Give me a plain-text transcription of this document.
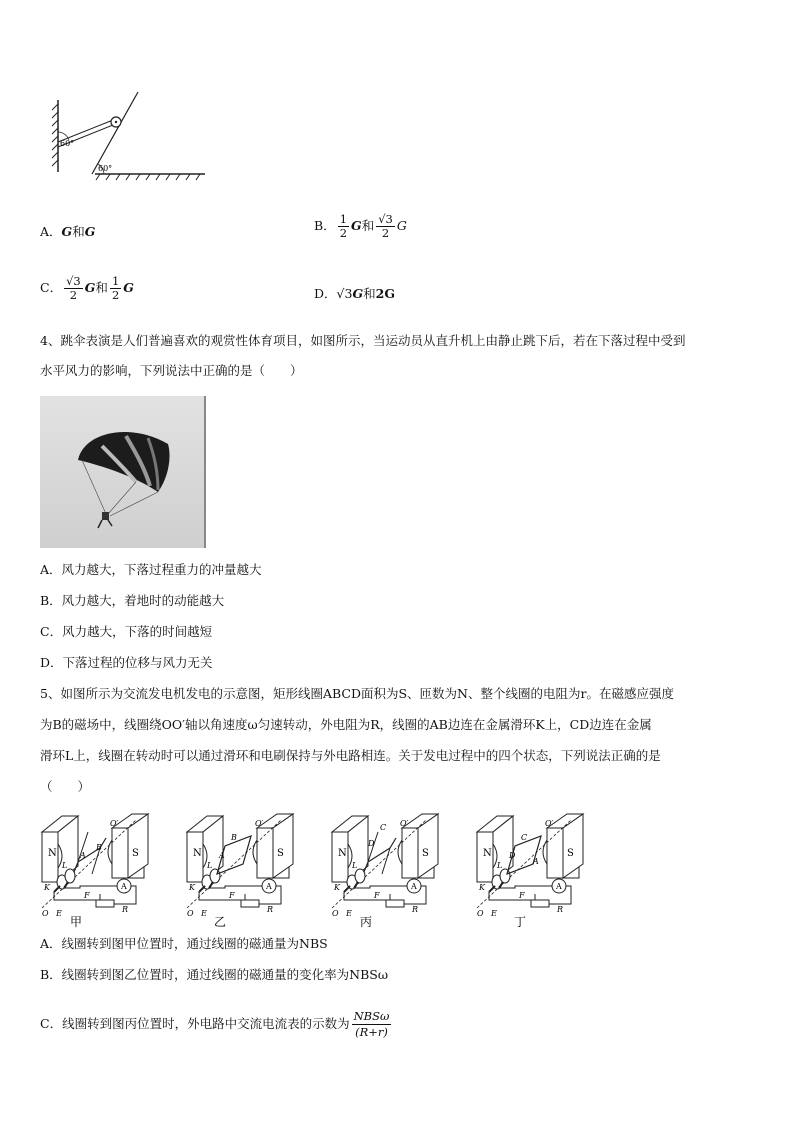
60°
60°
A．G和G	B． $\frac{1}{2}$ G和 $\frac{√3}{2}$ G
C． $\frac{√3}{2}$ G和 $\frac{1}{2}$ G	D．√3G和2G
4、跳伞表演是人们普遍喜欢的观赏性体育项目，如图所示，当运动员从直升机上由静止跳下后，若在下落过程中受到
水平风力的影响，下列说法中正确的是（　　）
A．风力越大，下落过程重力的冲量越大
B．风力越大，着地时的动能越大
C．风力越大，下落的时间越短
D．下落过程的位移与风力无关
5、如图所示为交流发电机发电的示意图，矩形线圈ABCD面积为S、匝数为N、整个线圈的电阻为r。在磁感应强度
为B的磁场中，线圈绕OO′轴以角速度ω匀速转动，外电阻为R，线圈的AB边连在金属滑环K上，CD边连在金属
滑环L上，线圈在转动时可以通过滑环和电刷保持与外电路相连。关于发电过程中的四个状态，下列说法正确的是
（　　）
N	S
L
B
A
O′
K
O E
F
R
A
N	S
L
B
A
O′
K
O E
F
R
A
N	S
L
C
D
O′
K
O E
F
R
A
N	S
L
C
D
A
O′
K
O E
F
R
A
甲	乙	丙	丁
A．线圈转到图甲位置时，通过线圈的磁通量为NBS
B．线圈转到图乙位置时，通过线圈的磁通量的变化率为NBSω
C．线圈转到图丙位置时，外电路中交流电流表的示数为 $\frac{\text{NBSω}}{(R+r)}$
